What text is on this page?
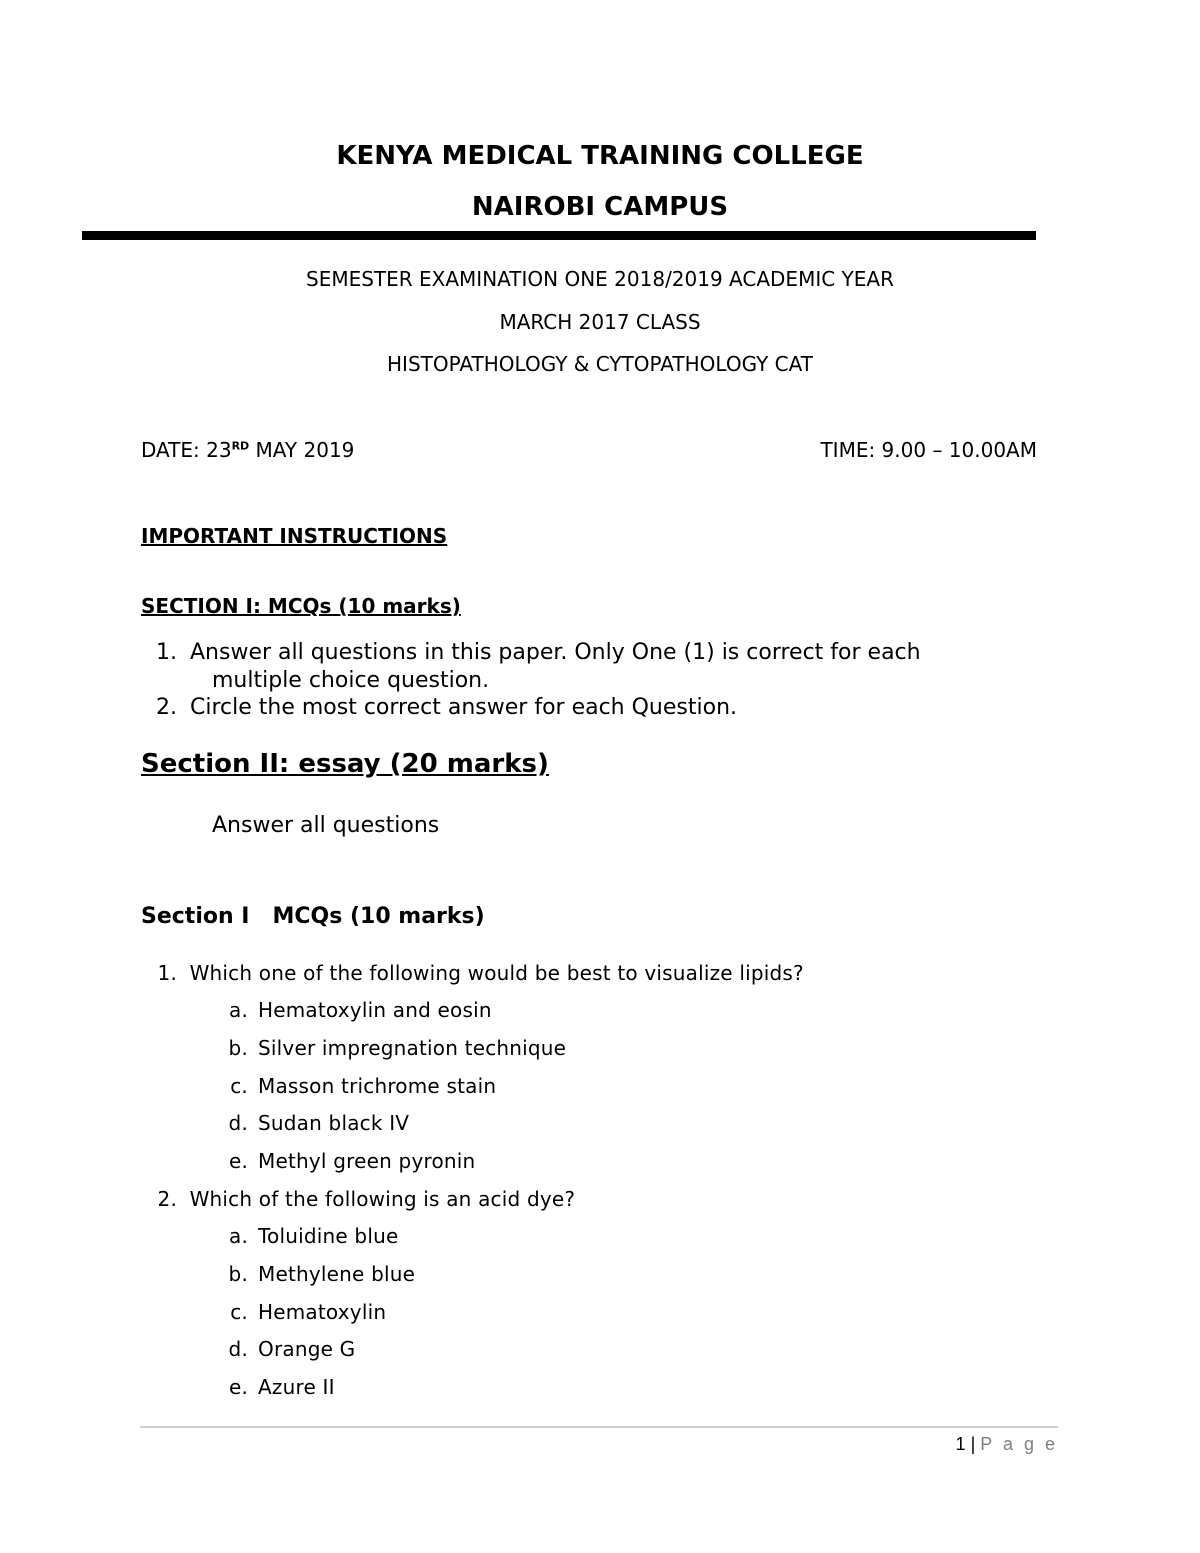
KENYA MEDICAL TRAINING COLLEGE
NAIROBI CAMPUS
SEMESTER EXAMINATION ONE 2018/2019 ACADEMIC YEAR
MARCH 2017 CLASS
HISTOPATHOLOGY & CYTOPATHOLOGY CAT
DATE: 23RD MAY 2019	TIME: 9.00 – 10.00AM
IMPORTANT INSTRUCTIONS
SECTION I: MCQs (10 marks)
1. Answer all questions in this paper. Only One (1) is correct for each
multiple choice question.
2. Circle the most correct answer for each Question.
Section II: essay (20 marks)
Answer all questions
Section I   MCQs (10 marks)
1. Which one of the following would be best to visualize lipids?
a. Hematoxylin and eosin
b. Silver impregnation technique
c. Masson trichrome stain
d. Sudan black IV
e. Methyl green pyronin
2. Which of the following is an acid dye?
a. Toluidine blue
b. Methylene blue
c. Hematoxylin
d. Orange G
e. Azure II
1 | P a g e
